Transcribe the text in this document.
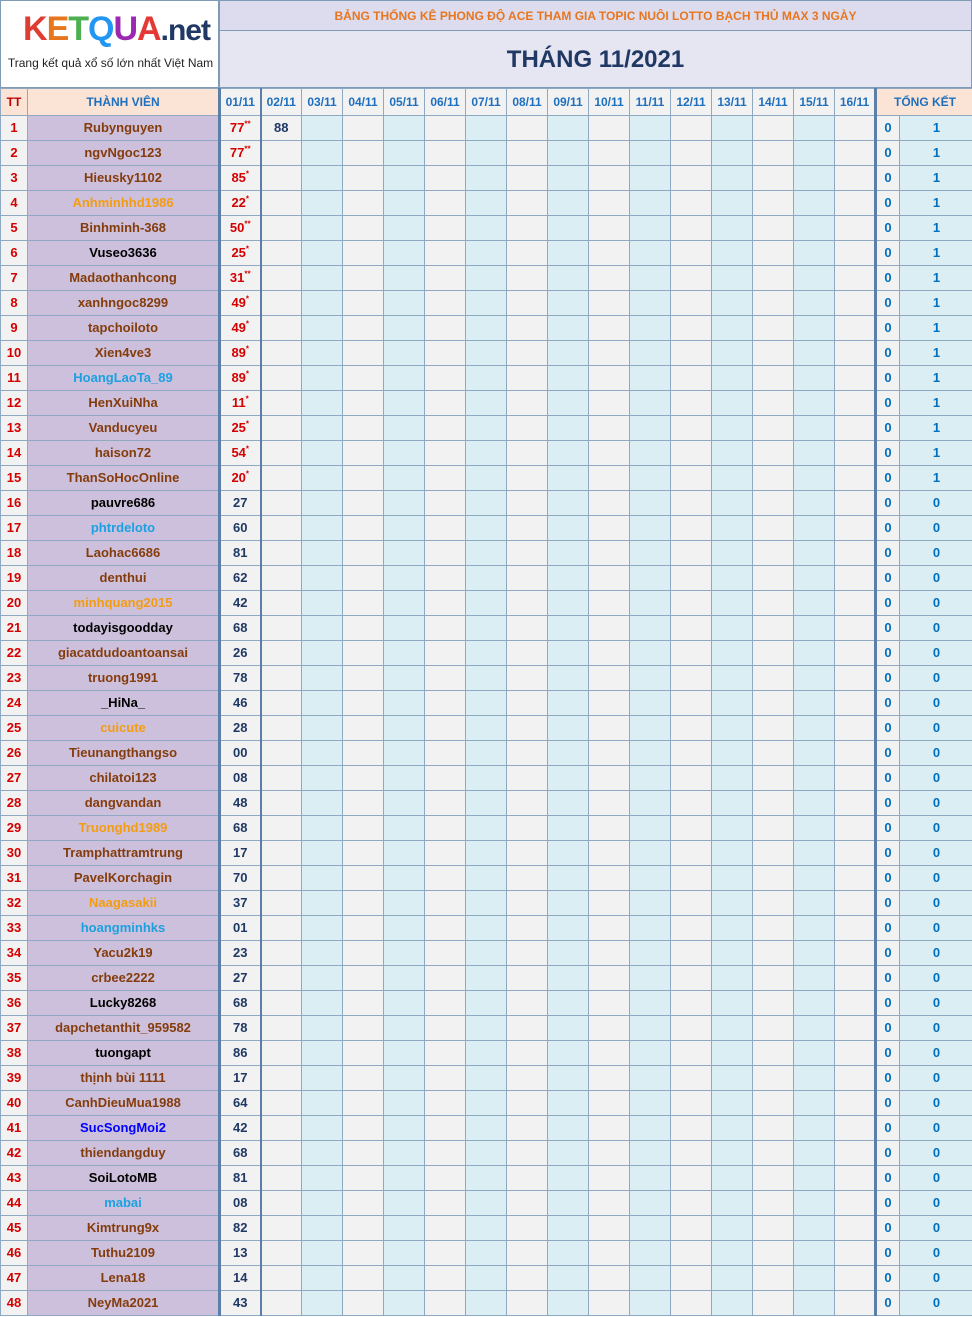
KETQUA.net
Trang kết quả xổ số lớn nhất Việt Nam
BẢNG THỐNG KÊ PHONG ĐỘ ACE THAM GIA TOPIC NUÔI LOTTO BẠCH THỦ MAX 3 NGÀY
THÁNG 11/2021
TT	THÀNH VIÊN	01/11	02/11	03/11	04/11	05/11	06/11	07/11	08/11	09/11	10/11	11/11	12/11	13/11	14/11	15/11	16/11	TỔNG KẾT	
1	Rubynguyen	77**	88															0	1
2	ngvNgoc123	77**																0	1
3	Hieusky1102	85*																0	1
4	Anhminhhd1986	22*																0	1
5	Binhminh-368	50**																0	1
6	Vuseo3636	25*																0	1
7	Madaothanhcong	31**																0	1
8	xanhngoc8299	49*																0	1
9	tapchoiloto	49*																0	1
10	Xien4ve3	89*																0	1
11	HoangLaoTa_89	89*																0	1
12	HenXuiNha	11*																0	1
13	Vanducyeu	25*																0	1
14	haison72	54*																0	1
15	ThanSoHocOnline	20*																0	1
16	pauvre686	27																0	0
17	phtrdeloto	60																0	0
18	Laohac6686	81																0	0
19	denthui	62																0	0
20	minhquang2015	42																0	0
21	todayisgoodday	68																0	0
22	giacatdudoantoansai	26																0	0
23	truong1991	78																0	0
24	_HiNa_	46																0	0
25	cuicute	28																0	0
26	Tieunangthangso	00																0	0
27	chilatoi123	08																0	0
28	dangvandan	48																0	0
29	Truonghd1989	68																0	0
30	Tramphattramtrung	17																0	0
31	PavelKorchagin	70																0	0
32	Naagasakii	37																0	0
33	hoangminhks	01																0	0
34	Yacu2k19	23																0	0
35	crbee2222	27																0	0
36	Lucky8268	68																0	0
37	dapchetanthit_959582	78																0	0
38	tuongapt	86																0	0
39	thịnh bùi 1111	17																0	0
40	CanhDieuMua1988	64																0	0
41	SucSongMoi2	42																0	0
42	thiendangduy	68																0	0
43	SoiLotoMB	81																0	0
44	mabai	08																0	0
45	Kimtrung9x	82																0	0
46	Tuthu2109	13																0	0
47	Lena18	14																0	0
48	NeyMa2021	43																0	0
